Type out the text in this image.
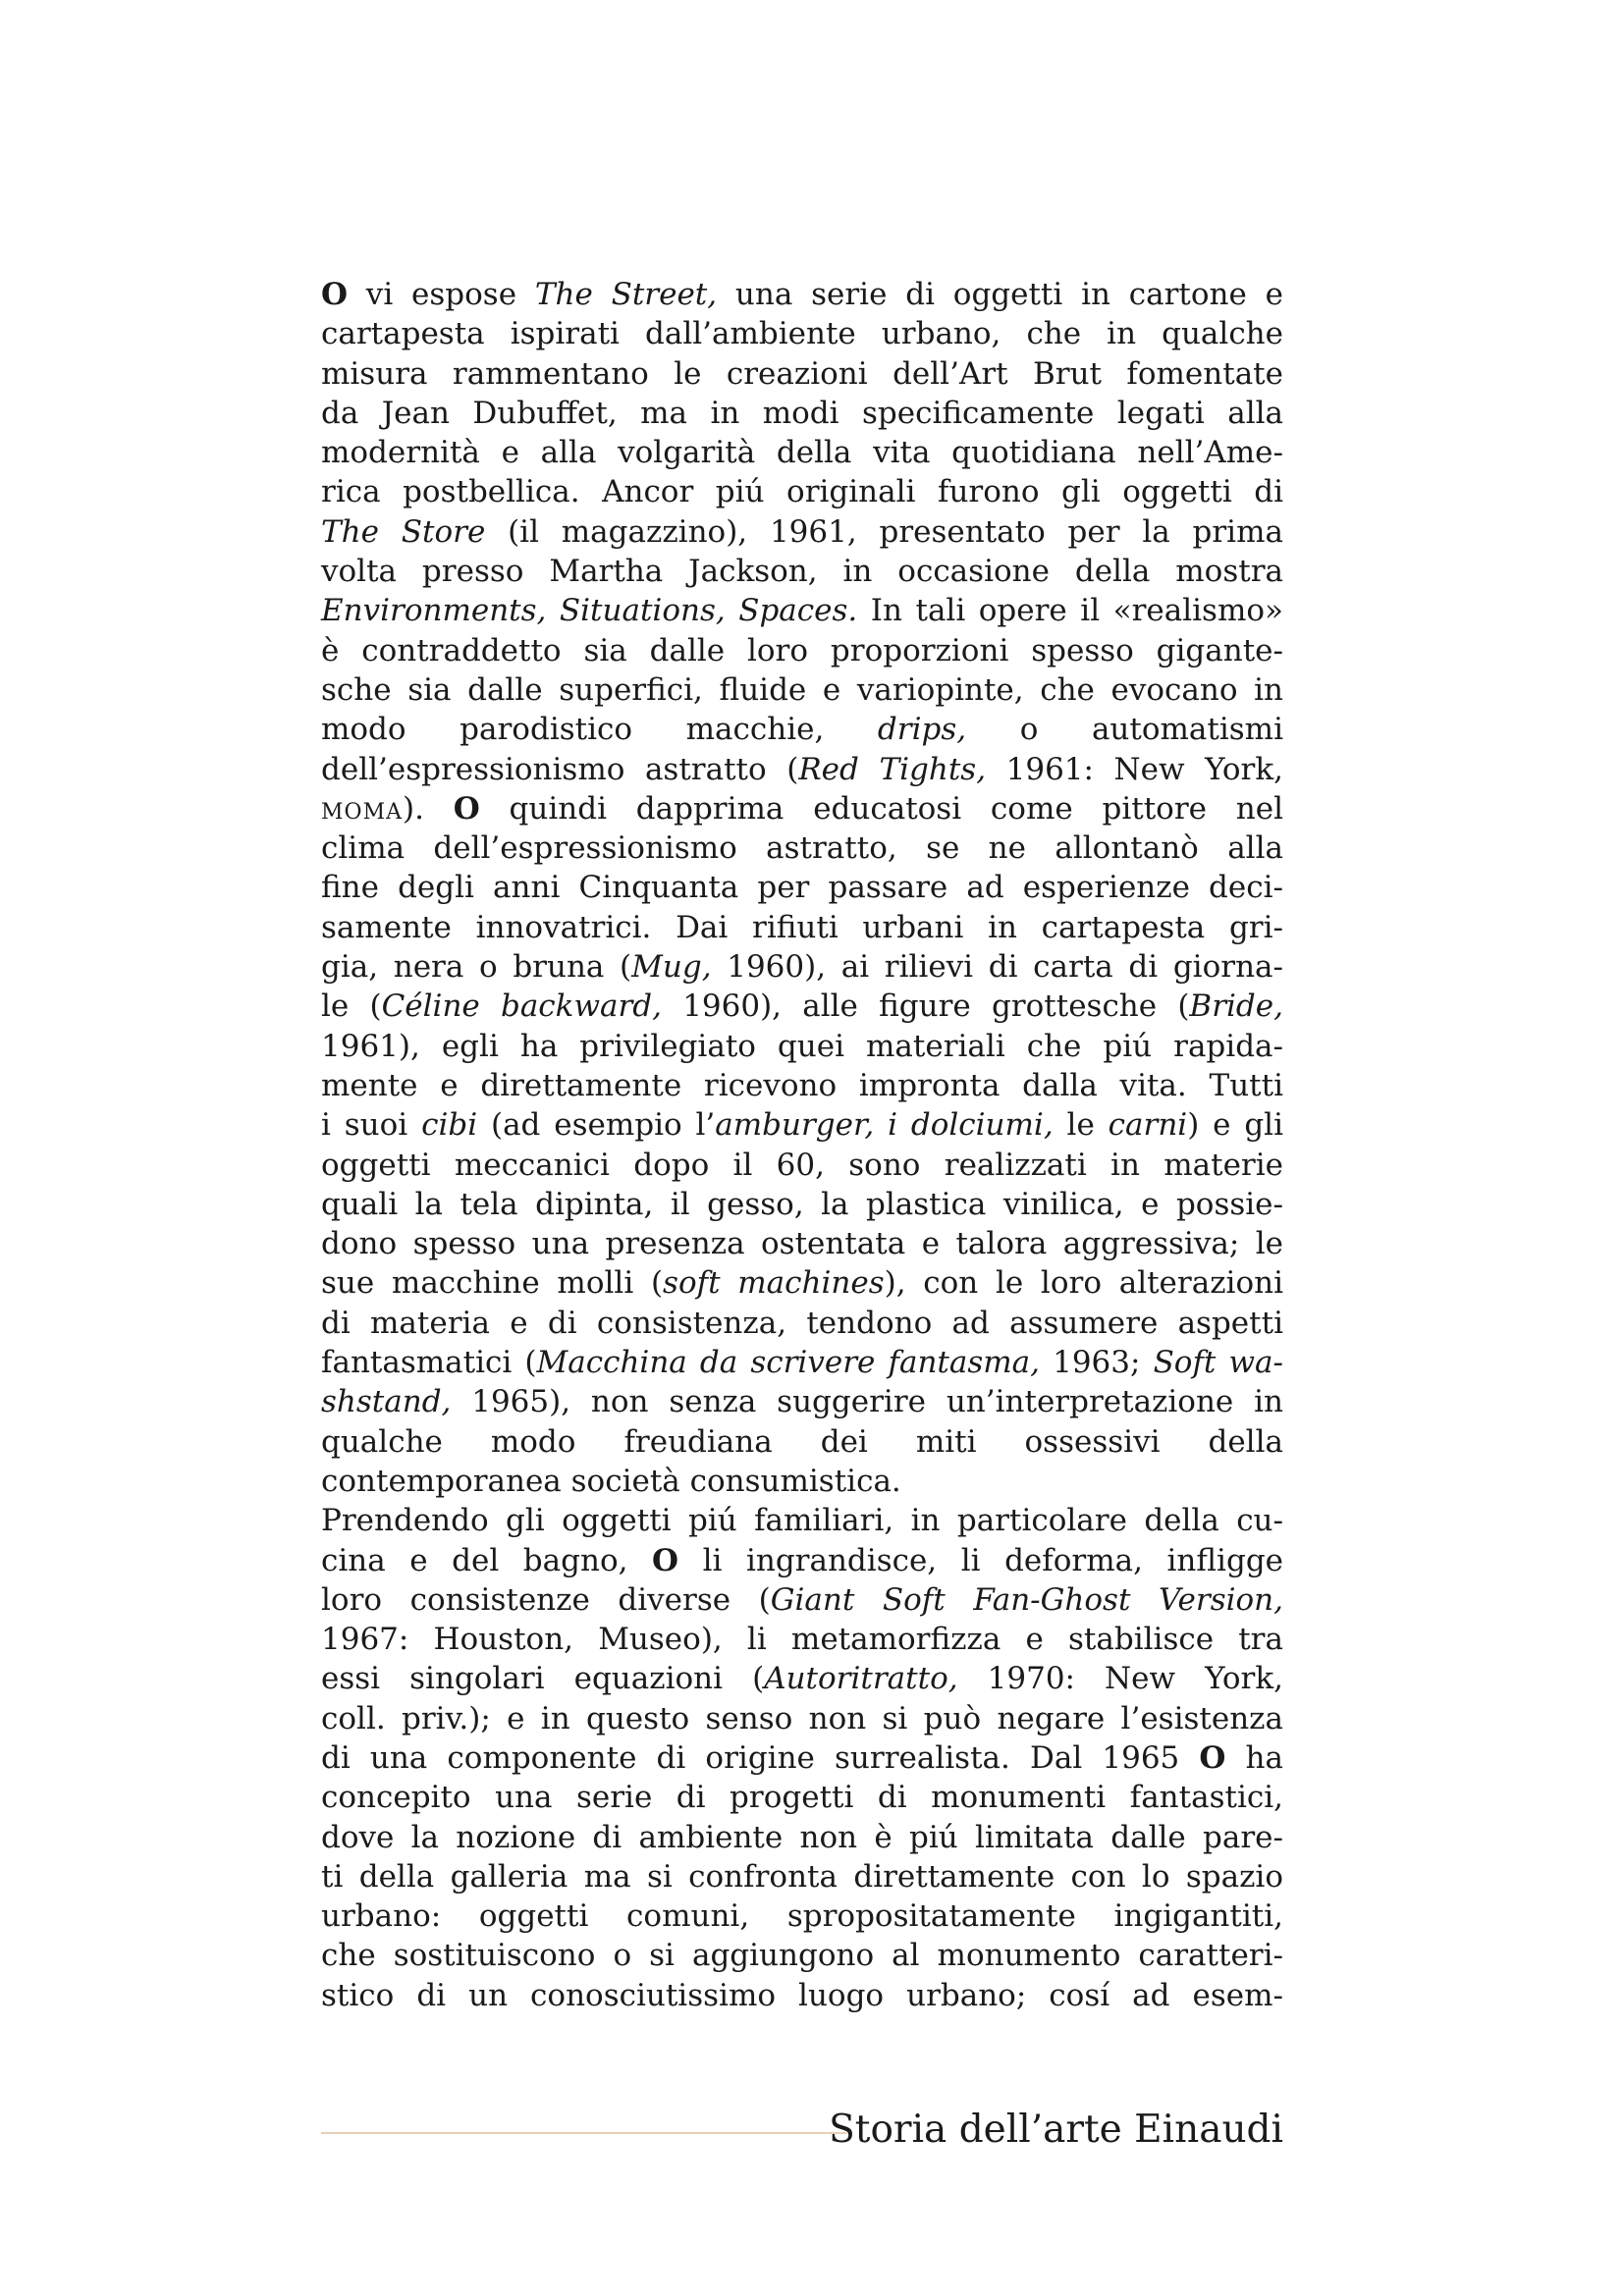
O vi espose The Street, una serie di oggetti in cartone e
cartapesta ispirati dall’ambiente urbano, che in qualche
misura rammentano le creazioni dell’Art Brut fomentate
da Jean Dubuffet, ma in modi specificamente legati alla
modernità e alla volgarità della vita quotidiana nell’Ame-
rica postbellica. Ancor piú originali furono gli oggetti di
The Store (il magazzino), 1961, presentato per la prima
volta presso Martha Jackson, in occasione della mostra
Environments, Situations, Spaces. In tali opere il «realismo»
è contraddetto sia dalle loro proporzioni spesso gigante-
sche sia dalle superfici, fluide e variopinte, che evocano in
modo parodistico macchie, drips, o automatismi
dell’espressionismo astratto (Red Tights, 1961: New York,
moma). O quindi dapprima educatosi come pittore nel
clima dell’espressionismo astratto, se ne allontanò alla
fine degli anni Cinquanta per passare ad esperienze deci-
samente innovatrici. Dai rifiuti urbani in cartapesta gri-
gia, nera o bruna (Mug, 1960), ai rilievi di carta di giorna-
le (Céline backward, 1960), alle figure grottesche (Bride,
1961), egli ha privilegiato quei materiali che piú rapida-
mente e direttamente ricevono impronta dalla vita. Tutti
i suoi cibi (ad esempio l’amburger, i dolciumi, le carni) e gli
oggetti meccanici dopo il 60, sono realizzati in materie
quali la tela dipinta, il gesso, la plastica vinilica, e possie-
dono spesso una presenza ostentata e talora aggressiva; le
sue macchine molli (soft machines), con le loro alterazioni
di materia e di consistenza, tendono ad assumere aspetti
fantasmatici (Macchina da scrivere fantasma, 1963; Soft wa-
shstand, 1965), non senza suggerire un’interpretazione in
qualche modo freudiana dei miti ossessivi della
contemporanea società consumistica.
Prendendo gli oggetti piú familiari, in particolare della cu-
cina e del bagno, O li ingrandisce, li deforma, infligge
loro consistenze diverse (Giant Soft Fan-Ghost Version,
1967: Houston, Museo), li metamorfizza e stabilisce tra
essi singolari equazioni (Autoritratto, 1970: New York,
coll. priv.); e in questo senso non si può negare l’esistenza
di una componente di origine surrealista. Dal 1965 O ha
concepito una serie di progetti di monumenti fantastici,
dove la nozione di ambiente non è piú limitata dalle pare-
ti della galleria ma si confronta direttamente con lo spazio
urbano: oggetti comuni, spropositatamente ingigantiti,
che sostituiscono o si aggiungono al monumento caratteri-
stico di un conosciutissimo luogo urbano; cosí ad esem-
Storia dell’arte Einaudi
